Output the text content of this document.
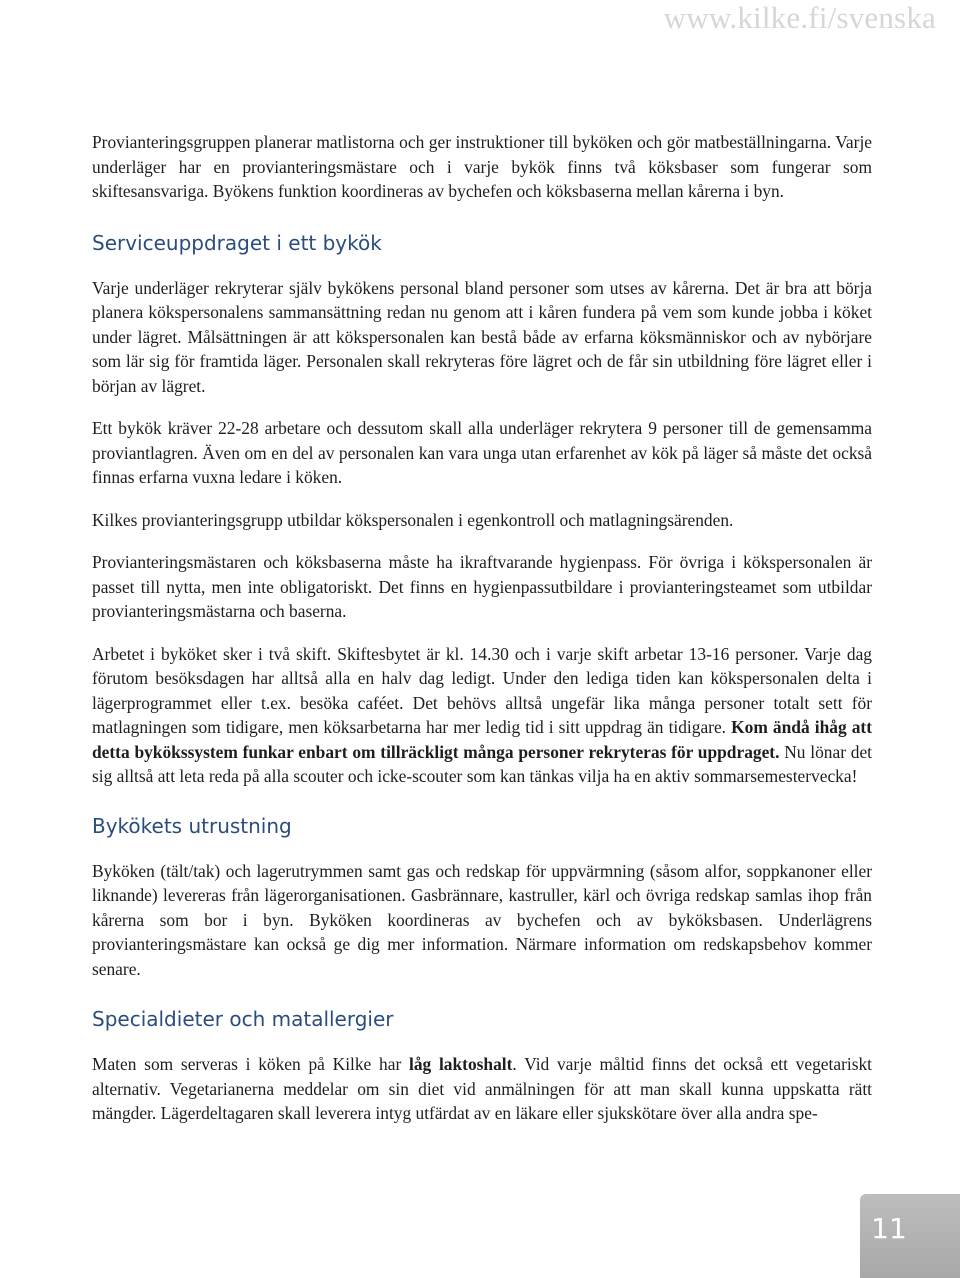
www.kilke.fi/svenska

Provianteringsgruppen planerar matlistorna och ger instruktioner till byköken och gör matbeställningarna. Varje underläger har en provianteringsmästare och i varje bykök finns två köksbaser som fungerar som skiftesansvariga. Byökens funktion koordineras av bychefen och köksbaserna mellan kårerna i byn.

Serviceuppdraget i ett bykök

Varje underläger rekryterar själv bykökens personal bland personer som utses av kårerna. Det är bra att börja planera kökspersonalens sammansättning redan nu genom att i kåren fundera på vem som kunde jobba i köket under lägret. Målsättningen är att kökspersonalen kan bestå både av erfarna köksmänniskor och av nybörjare som lär sig för framtida läger. Personalen skall rekryteras före lägret och de får sin utbildning före lägret eller i början av lägret.

Ett bykök kräver 22-28 arbetare och dessutom skall alla underläger rekrytera 9 personer till de gemensamma proviantlagren. Även om en del av personalen kan vara unga utan erfarenhet av kök på läger så måste det också finnas erfarna vuxna ledare i köken.

Kilkes provianteringsgrupp utbildar kökspersonalen i egenkontroll och matlagningsärenden.

Provianteringsmästaren och köksbaserna måste ha ikraftvarande hygienpass. För övriga i kökspersonalen är passet till nytta, men inte obligatoriskt. Det finns en hygienpassutbildare i provianteringsteamet som utbildar provianteringsmästarna och baserna.

Arbetet i byköket sker i två skift. Skiftesbytet är kl. 14.30 och i varje skift arbetar 13-16 personer. Varje dag förutom besöksdagen har alltså alla en halv dag ledigt. Under den lediga tiden kan kökspersonalen delta i lägerprogrammet eller t.ex. besöka caféet. Det behövs alltså ungefär lika många personer totalt sett för matlagningen som tidigare, men köksarbetarna har mer ledig tid i sitt uppdrag än tidigare. Kom ändå ihåg att detta bykökssystem funkar enbart om tillräckligt många personer rekryteras för uppdraget. Nu lönar det sig alltså att leta reda på alla scouter och icke-scouter som kan tänkas vilja ha en aktiv sommarsemestervecka!

Bykökets utrustning

Byköken (tält/tak) och lagerutrymmen samt gas och redskap för uppvärmning (såsom alfor, soppkanoner eller liknande) levereras från lägerorganisationen. Gasbrännare, kastruller, kärl och övriga redskap samlas ihop från kårerna som bor i byn. Byköken koordineras av bychefen och av byköksbasen. Underlägrens provianteringsmästare kan också ge dig mer information. Närmare information om redskapsbehov kommer senare.

Specialdieter och matallergier

Maten som serveras i köken på Kilke har låg laktoshalt. Vid varje måltid finns det också ett vegetariskt alternativ. Vegetarianerna meddelar om sin diet vid anmälningen för att man skall kunna uppskatta rätt mängder. Lägerdeltagaren skall leverera intyg utfärdat av en läkare eller sjukskötare över alla andra spe-

11
